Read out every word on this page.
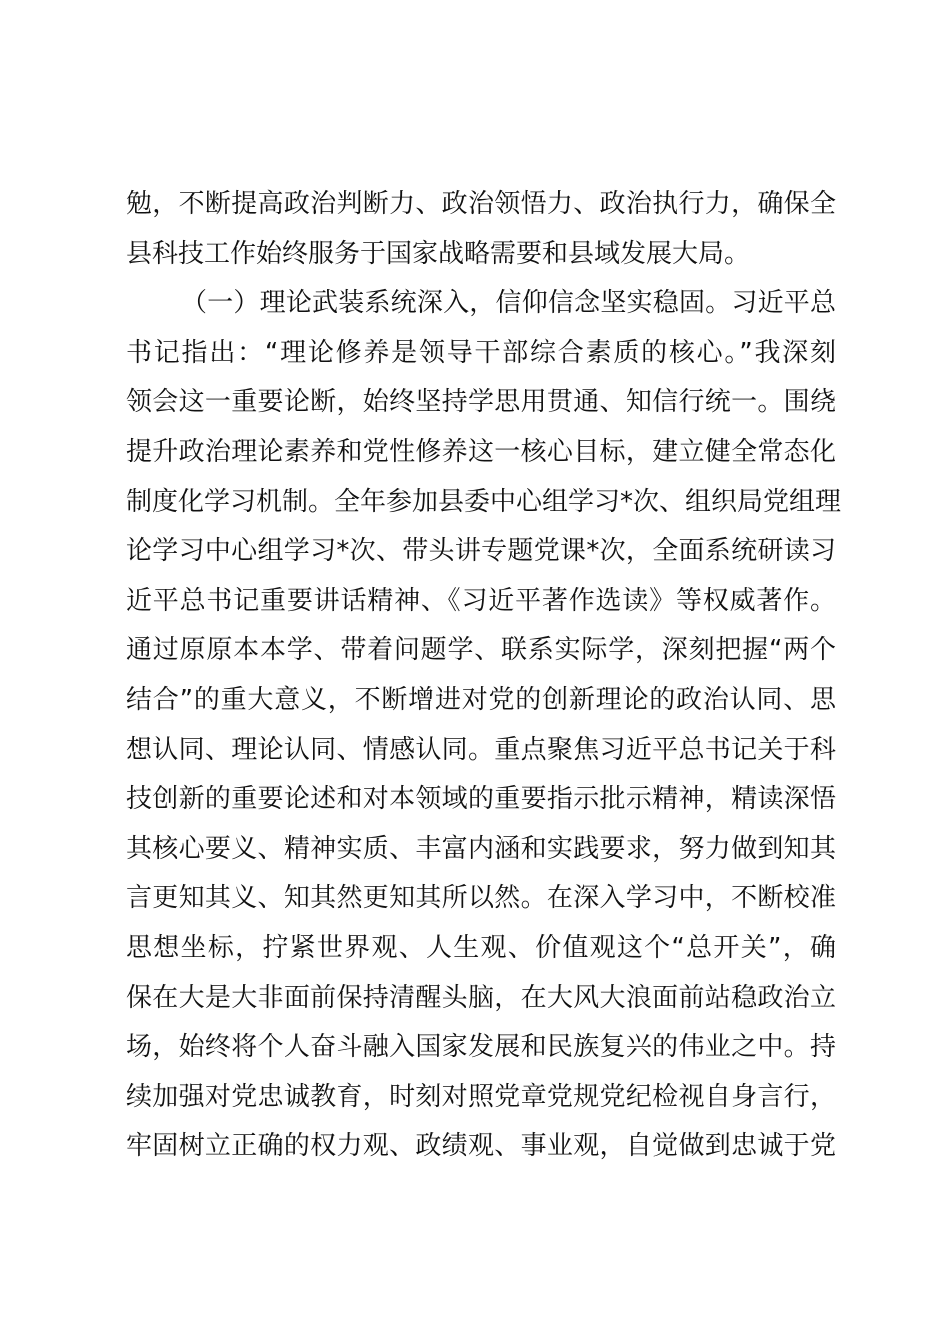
勉，不断提高政治判断力、政治领悟力、政治执行力，确保全
县科技工作始终服务于国家战略需要和县域发展大局。
（一）理论武装系统深入，信仰信念坚实稳固。习近平总
书记指出：“理论修养是领导干部综合素质的核心。”我深刻
领会这一重要论断，始终坚持学思用贯通、知信行统一。围绕
提升政治理论素养和党性修养这一核心目标，建立健全常态化
制度化学习机制。全年参加县委中心组学习*次、组织局党组理
论学习中心组学习*次、带头讲专题党课*次，全面系统研读习
近平总书记重要讲话精神、《习近平著作选读》等权威著作。
通过原原本本学、带着问题学、联系实际学，深刻把握“两个
结合”的重大意义，不断增进对党的创新理论的政治认同、思
想认同、理论认同、情感认同。重点聚焦习近平总书记关于科
技创新的重要论述和对本领域的重要指示批示精神，精读深悟
其核心要义、精神实质、丰富内涵和实践要求，努力做到知其
言更知其义、知其然更知其所以然。在深入学习中，不断校准
思想坐标，拧紧世界观、人生观、价值观这个“总开关”，确
保在大是大非面前保持清醒头脑，在大风大浪面前站稳政治立
场，始终将个人奋斗融入国家发展和民族复兴的伟业之中。持
续加强对党忠诚教育，时刻对照党章党规党纪检视自身言行，
牢固树立正确的权力观、政绩观、事业观，自觉做到忠诚于党
